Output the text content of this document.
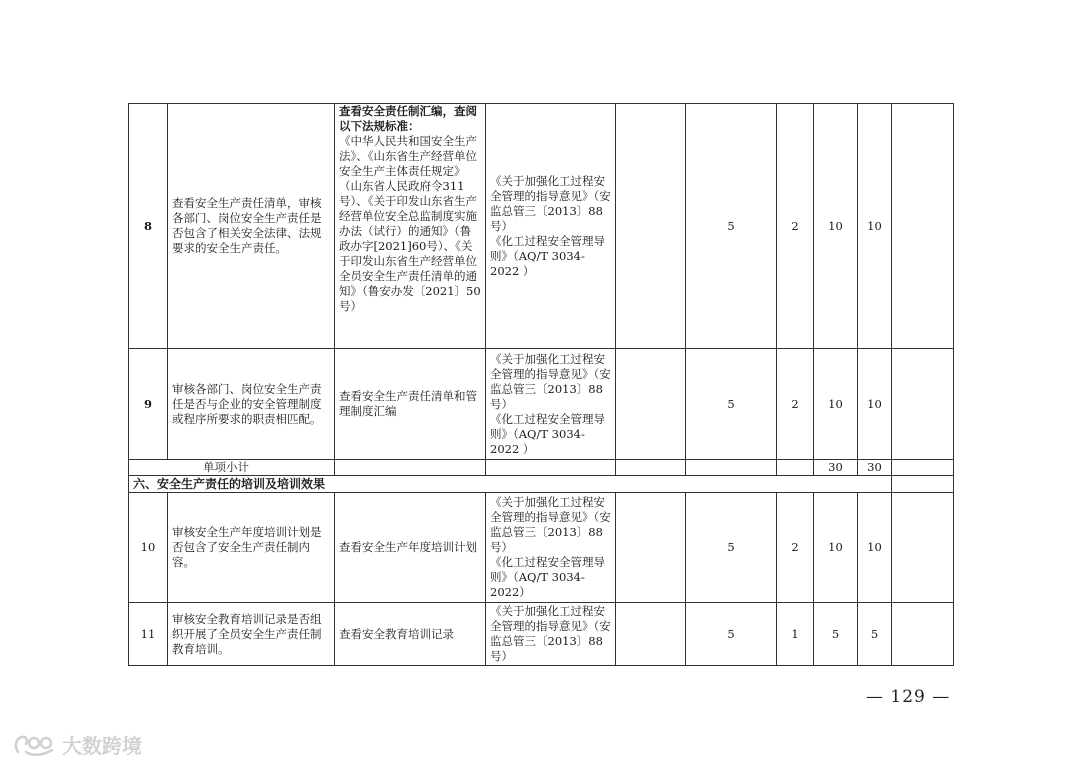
8	查看安全生产责任清单，审核各部门、岗位安全生产责任是否包含了相关安全法律、法规要求的安全生产责任。	查看安全责任制汇编，查阅以下法规标准：
《中华人民共和国安全生产法》、《山东省生产经营单位安全生产主体责任规定》（山东省人民政府令311号）、《关于印发山东省生产经营单位安全总监制度实施办法（试行）的通知》（鲁政办字[2021]60号）、《关于印发山东省生产经营单位全员安全生产责任清单的通知》（鲁安办发〔2021〕50号）	《关于加强化工过程安全管理的指导意见》（安监总管三〔2013〕88号）
《化工过程安全管理导则》（AQ/T 3034-2022 ）		5	2	10	10	
9	审核各部门、岗位安全生产责任是否与企业的安全管理制度或程序所要求的职责相匹配。	查看安全生产责任清单和管理制度汇编	《关于加强化工过程安全管理的指导意见》（安监总管三〔2013〕88号）
《化工过程安全管理导则》（AQ/T 3034-2022 ）		5	2	10	10	
单项小计							30	30	
六、安全生产责任的培训及培训效果									
10	审核安全生产年度培训计划是否包含了安全生产责任制内容。	查看安全生产年度培训计划	《关于加强化工过程安全管理的指导意见》（安监总管三〔2013〕88号）
《化工过程安全管理导则》（AQ/T 3034-2022）		5	2	10	10	
11	审核安全教育培训记录是否组织开展了全员安全生产责任制教育培训。	查看安全教育培训记录	《关于加强化工过程安全管理的指导意见》（安监总管三〔2013〕88号）		5	1	5	5	
— 129 —
大数跨境
